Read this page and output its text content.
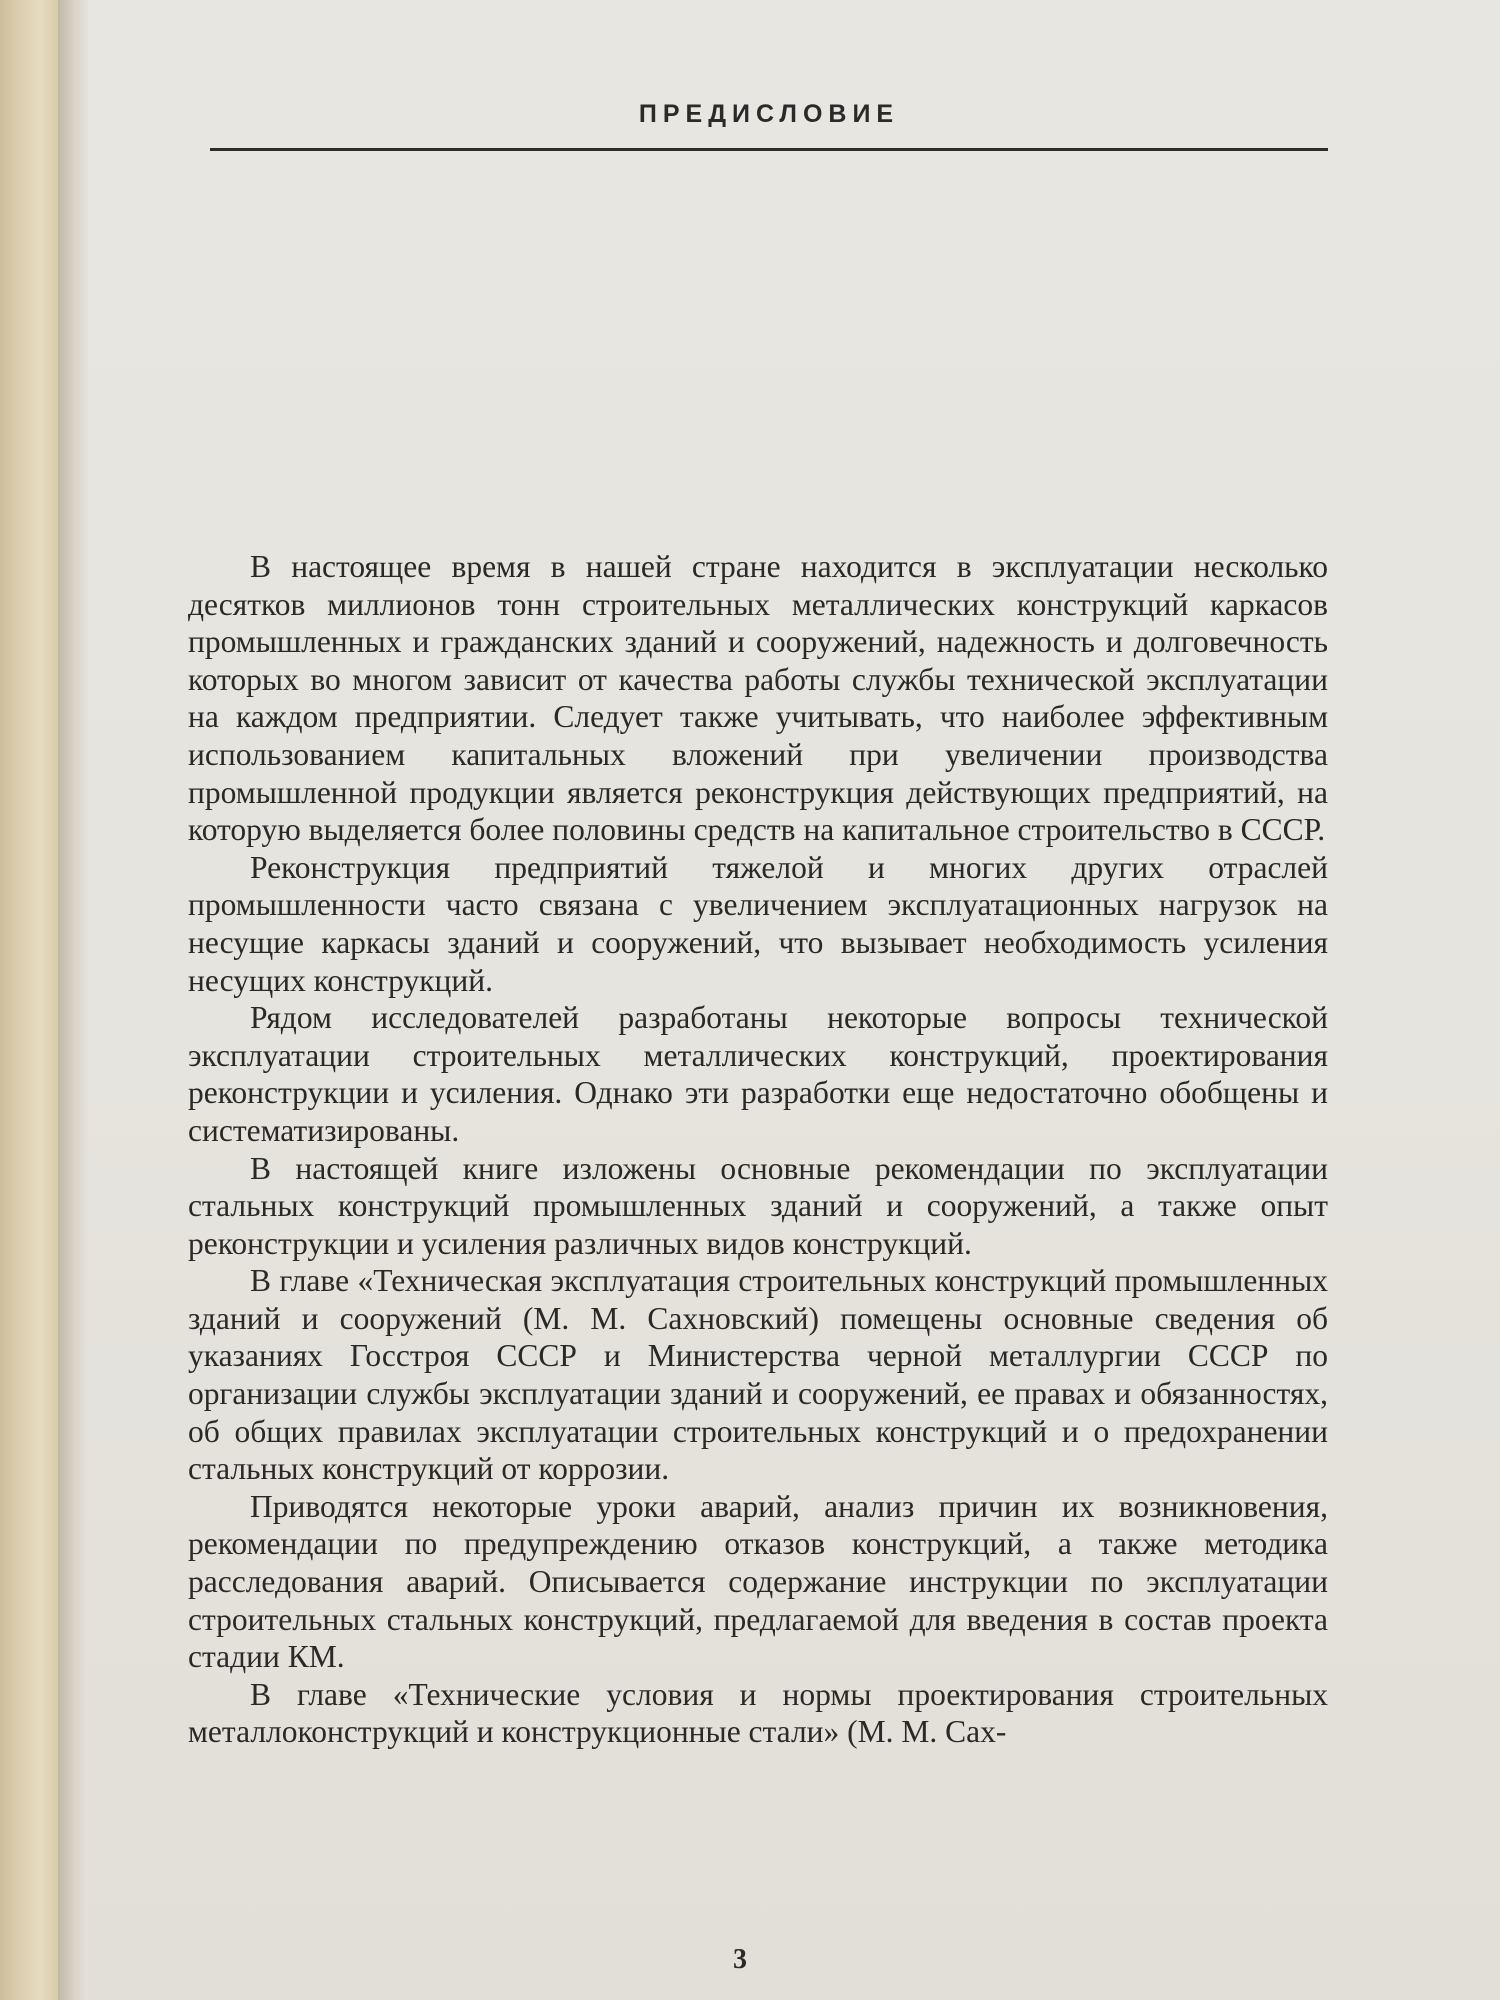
ПРЕДИСЛОВИЕ

В настоящее время в нашей стране находится в эксплуатации несколько десятков миллионов тонн строительных металлических конструкций каркасов промышленных и гражданских зданий и сооружений, надежность и долговечность которых во многом зависит от качества работы службы технической эксплуатации на каждом предприятии. Следует также учитывать, что наиболее эффективным использованием капитальных вложений при увеличении производства промышленной продукции является реконструкция действующих предприятий, на которую выделяется более половины средств на капитальное строительство в СССР.

Реконструкция предприятий тяжелой и многих других отраслей промышленности часто связана с увеличением эксплуатационных нагрузок на несущие каркасы зданий и сооружений, что вызывает необходимость усиления несущих конструкций.

Рядом исследователей разработаны некоторые вопросы технической эксплуатации строительных металлических конструкций, проектирования реконструкции и усиления. Однако эти разработки еще недостаточно обобщены и систематизированы.

В настоящей книге изложены основные рекомендации по эксплуатации стальных конструкций промышленных зданий и сооружений, а также опыт реконструкции и усиления различных видов конструкций.

В главе «Техническая эксплуатация строительных конструкций промышленных зданий и сооружений (М. М. Сахновский) помещены основные сведения об указаниях Госстроя СССР и Министерства черной металлургии СССР по организации службы эксплуатации зданий и сооружений, ее правах и обязанностях, об общих правилах эксплуатации строительных конструкций и о предохранении стальных конструкций от коррозии.

Приводятся некоторые уроки аварий, анализ причин их возникновения, рекомендации по предупреждению отказов конструкций, а также методика расследования аварий. Описывается содержание инструкции по эксплуатации строительных стальных конструкций, предлагаемой для введения в состав проекта стадии КМ.

В главе «Технические условия и нормы проектирования строительных металлоконструкций и конструкционные стали» (М. М. Сах-

3
